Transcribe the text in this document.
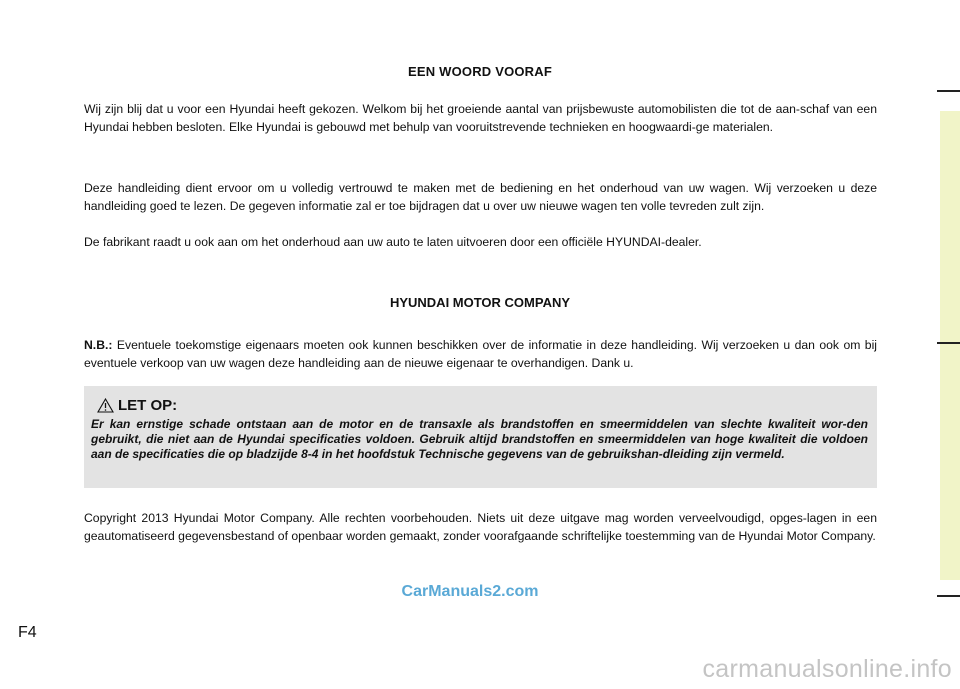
EEN WOORD VOORAF

Wij zijn blij dat u voor een Hyundai heeft gekozen. Welkom bij het groeiende aantal van prijsbewuste automobilisten die tot de aan-schaf van een Hyundai hebben besloten. Elke Hyundai is gebouwd met behulp van vooruitstrevende technieken en hoogwaardi-ge materialen.

Deze handleiding dient ervoor om u volledig vertrouwd te maken met de bediening en het onderhoud van uw wagen. Wij verzoeken u deze handleiding goed te lezen. De gegeven informatie zal er toe bijdragen dat u over uw nieuwe wagen ten volle tevreden zult zijn.

De fabrikant raadt u ook aan om het onderhoud aan uw auto te laten uitvoeren door een officiële HYUNDAI-dealer.

HYUNDAI MOTOR COMPANY

N.B.: Eventuele toekomstige eigenaars moeten ook kunnen beschikken over de informatie in deze handleiding. Wij verzoeken u dan ook om bij eventuele verkoop van uw wagen deze handleiding aan de nieuwe eigenaar te overhandigen. Dank u.

LET OP:

Er kan ernstige schade ontstaan aan de motor en de transaxle als brandstoffen en smeermiddelen van slechte kwaliteit wor-den gebruikt, die niet aan de Hyundai specificaties voldoen. Gebruik altijd brandstoffen en smeermiddelen van hoge kwaliteit die voldoen aan de specificaties die op bladzijde 8-4 in het hoofdstuk Technische gegevens van de gebruikshan-dleiding zijn vermeld.

Copyright 2013 Hyundai Motor Company. Alle rechten voorbehouden. Niets uit deze uitgave mag worden verveelvoudigd, opges-lagen in een geautomatiseerd gegevensbestand of openbaar worden gemaakt, zonder voorafgaande schriftelijke toestemming van de Hyundai Motor Company.

CarManuals2.com
F4
carmanualsonline.info
